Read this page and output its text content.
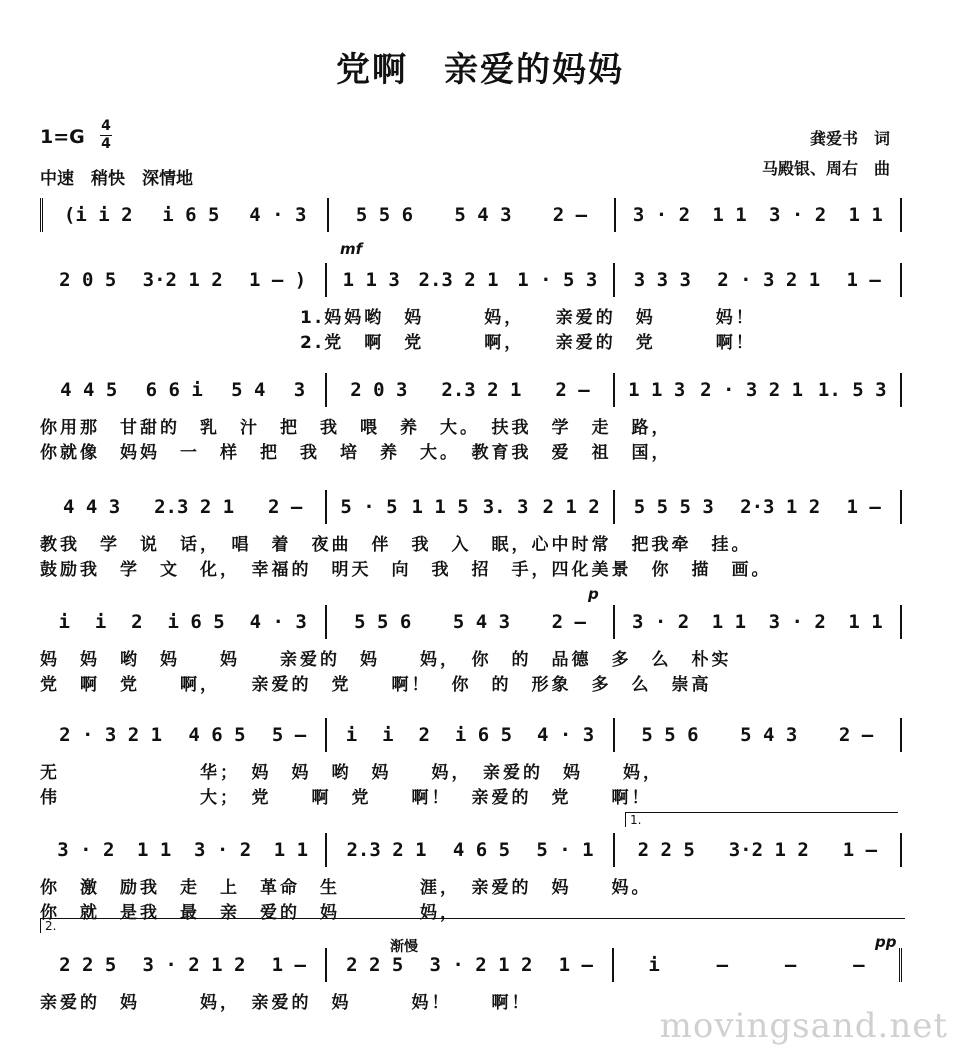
党啊　亲爱的妈妈
1=G 4
4
中速　稍快　深情地
龚爱书　词
马殿银、周右　曲
mf
p
pp
渐慢
1.
2.
(i i 2 i 6 5 4 · 3	5 5 6 5 4 3 2 – 3 · 2 1 1 3 · 2 1 1
2 0 5 3·2 1 2 1 – ) 1 1 3 2.3 2 1 1 · 5 3 3 3 3 2 · 3 2 1 1 –
1.妈妈哟　妈　　　妈，　　亲爱的　妈　　　妈！
2.党　啊　党　　　啊，　　亲爱的　党　　　啊！
4 4 5 6 6 i 5 4 3 2 0 3 2.3 2 1 2 – 1 1 3 2 · 3 2 1 1. 5 3
你用那　甘甜的　乳　汁　把　我　喂　养　大。　扶我　学　走　路，
你就像　妈妈　一　样　把　我　培　养　大。　教育我　爱　祖　国，
4 4 3 2.3 2 1 2 – 5 · 5 1 1 5 3. 3 2 1 2 5 5 5 3 2·3 1 2 1 –
教我　学　说　话，　唱　着　夜曲　伴　我　入　眠，心中时常　把我牵　挂。
鼓励我　学　文　化，　幸福的　明天　向　我　招　手，四化美景　你　描　画。
i i 2 i 6 5 4 · 3 5 5 6 5 4 3 2 – 3 · 2 1 1 3 · 2 1 1
妈　妈　哟　妈　　妈　　亲爱的　妈　　妈，　你　的　品德　多　么　朴实
党　啊　党　　啊，　　亲爱的　党　　啊！　你　的　形象　多　么　崇高
2 · 3 2 1 4 6 5 5 – i i 2 i 6 5 4 · 3 5 5 6 5 4 3 2 –
无　　　　　　　华；　妈　妈　哟　妈　　妈，　亲爱的　妈　　妈，
伟　　　　　　　大；　党　　啊　党　　啊！　亲爱的　党　　啊！
3 · 2 1 1 3 · 2 1 1 2.3 2 1 4 6 5 5 · 1 2 2 5 3·2 1 2 1 –
你　激　励我　走　上　革命　生　　　　涯，　亲爱的　妈　　妈。
你　就　是我　最　亲　爱的　妈　　　　妈，
2 2 5 3 · 2 1 2 1 – 2 2 5 3 · 2 1 2 1 –	i	–	–	–
亲爱的　妈　　　妈，　亲爱的　妈　　　妈！　　啊！
movingsand.net
